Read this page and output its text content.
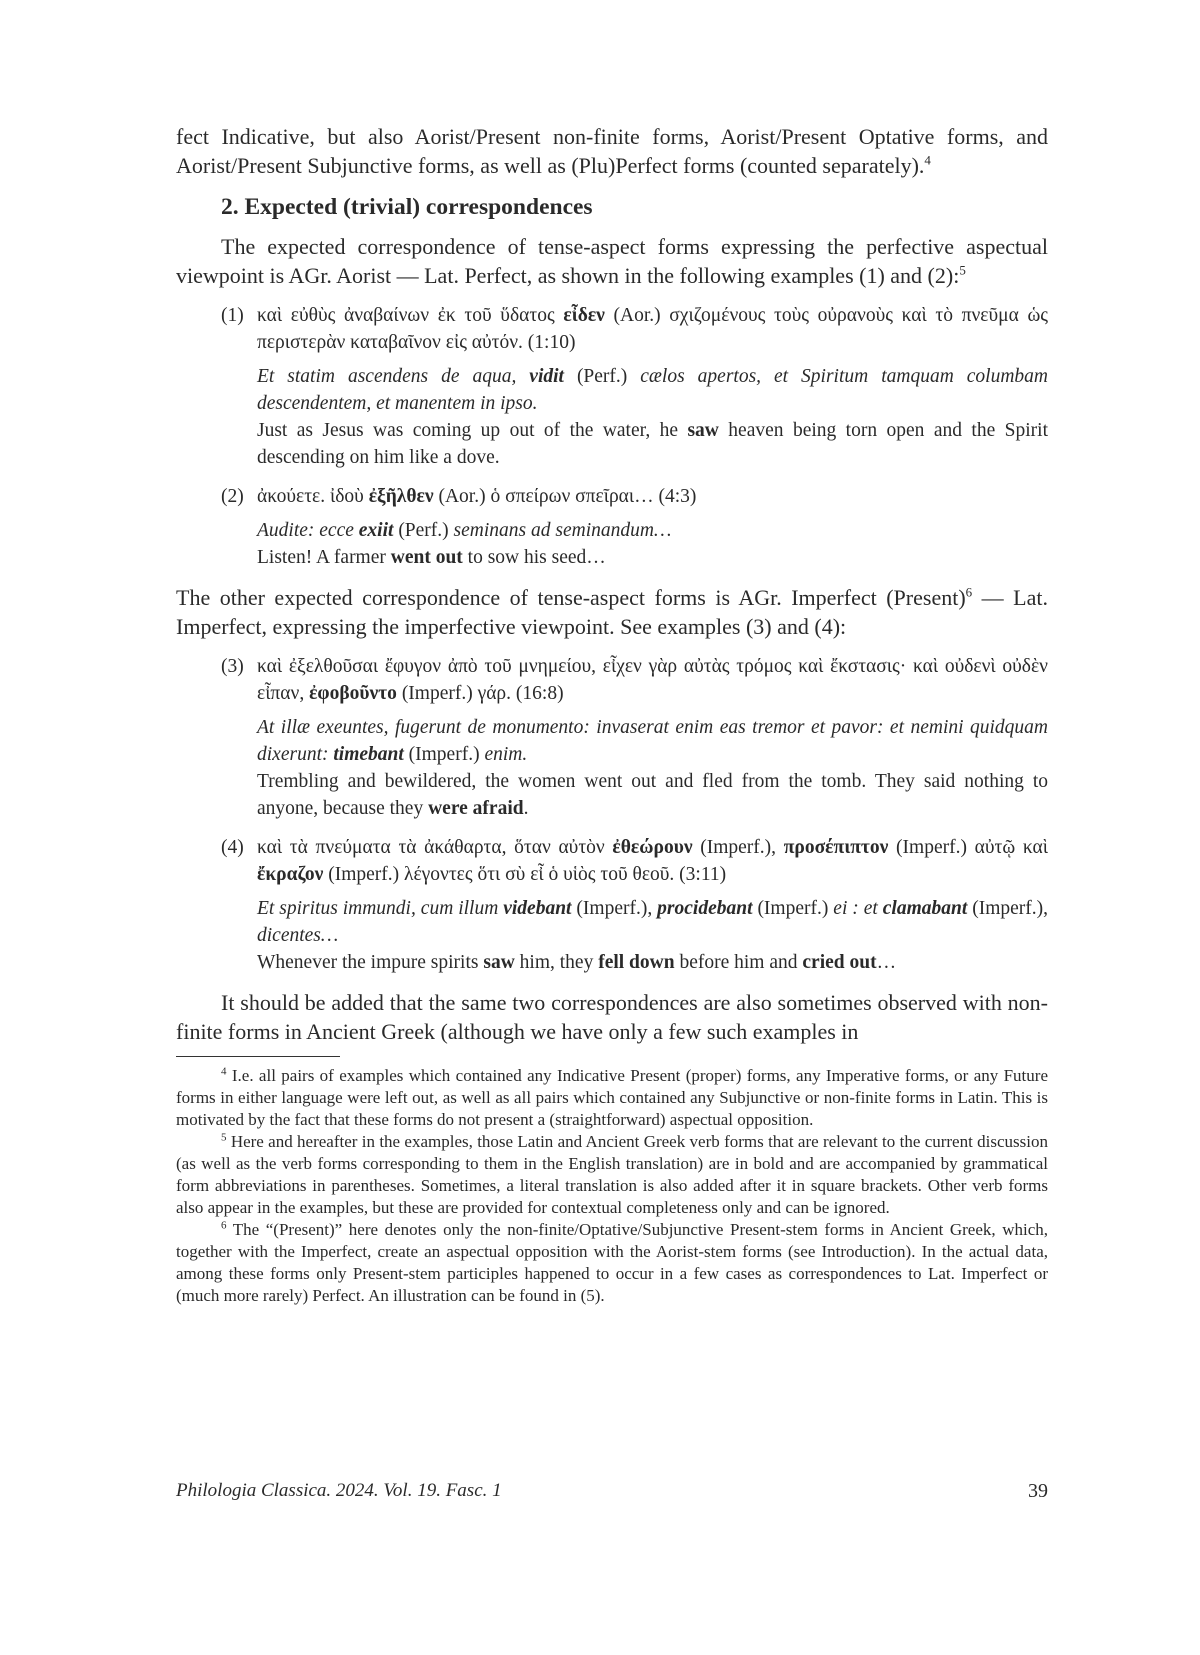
fect Indicative, but also Aorist/Present non-finite forms, Aorist/Present Optative forms, and Aorist/Present Subjunctive forms, as well as (Plu)Perfect forms (counted separately).$^4$

2. Expected (trivial) correspondences

The expected correspondence of tense-aspect forms expressing the perfective aspectual viewpoint is AGr. Aorist — Lat. Perfect, as shown in the following examples (1) and (2):$^5$

(1) καὶ εὐθὺς ἀναβαίνων ἐκ τοῦ ὕδατος εἶδεν (Aor.) σχιζομένους τοὺς οὐρανοὺς καὶ τὸ πνεῦμα ὡς περιστερὰν καταβαῖνον εἰς αὐτόν. (1:10)

Et statim ascendens de aqua, vidit (Perf.) cælos apertos, et Spiritum tamquam columbam descendentem, et manentem in ipso.

Just as Jesus was coming up out of the water, he saw heaven being torn open and the Spirit descending on him like a dove.

(2) ἀκούετε. ἰδοὺ ἐξῆλθεν (Aor.) ὁ σπείρων σπεῖραι… (4:3)

Audite: ecce exiit (Perf.) seminans ad seminandum…

Listen! A farmer went out to sow his seed…

The other expected correspondence of tense-aspect forms is AGr. Imperfect (Present)$^6$ — Lat. Imperfect, expressing the imperfective viewpoint. See examples (3) and (4):

(3) καὶ ἐξελθοῦσαι ἔφυγον ἀπὸ τοῦ μνημείου, εἶχεν γὰρ αὐτὰς τρόμος καὶ ἔκστασις· καὶ οὐδενὶ οὐδὲν εἶπαν, ἐφοβοῦντο (Imperf.) γάρ. (16:8)

At illæ exeuntes, fugerunt de monumento: invaserat enim eas tremor et pavor: et nemini quidquam dixerunt: timebant (Imperf.) enim.

Trembling and bewildered, the women went out and fled from the tomb. They said nothing to anyone, because they were afraid.

(4) καὶ τὰ πνεύματα τὰ ἀκάθαρτα, ὅταν αὐτὸν ἐθεώρουν (Imperf.), προσέπιπτον (Imperf.) αὐτῷ καὶ ἔκραζον (Imperf.) λέγοντες ὅτι σὺ εἶ ὁ υἱὸς τοῦ θεοῦ. (3:11)

Et spiritus immundi, cum illum videbant (Imperf.), procidebant (Imperf.) ei : et clamabant (Imperf.), dicentes…

Whenever the impure spirits saw him, they fell down before him and cried out…

It should be added that the same two correspondences are also sometimes observed with non-finite forms in Ancient Greek (although we have only a few such examples in

$^4$ I.e. all pairs of examples which contained any Indicative Present (proper) forms, any Imperative forms, or any Future forms in either language were left out, as well as all pairs which contained any Subjunctive or non-finite forms in Latin. This is motivated by the fact that these forms do not present a (straightforward) aspectual opposition.

$^5$ Here and hereafter in the examples, those Latin and Ancient Greek verb forms that are relevant to the current discussion (as well as the verb forms corresponding to them in the English translation) are in bold and are accompanied by grammatical form abbreviations in parentheses. Sometimes, a literal translation is also added after it in square brackets. Other verb forms also appear in the examples, but these are provided for contextual completeness only and can be ignored.

$^6$ The “(Present)” here denotes only the non-finite/Optative/Subjunctive Present-stem forms in Ancient Greek, which, together with the Imperfect, create an aspectual opposition with the Aorist-stem forms (see Introduction). In the actual data, among these forms only Present-stem participles happened to occur in a few cases as correspondences to Lat. Imperfect or (much more rarely) Perfect. An illustration can be found in (5).

Philologia Classica. 2024. Vol. 19. Fasc. 1	39
